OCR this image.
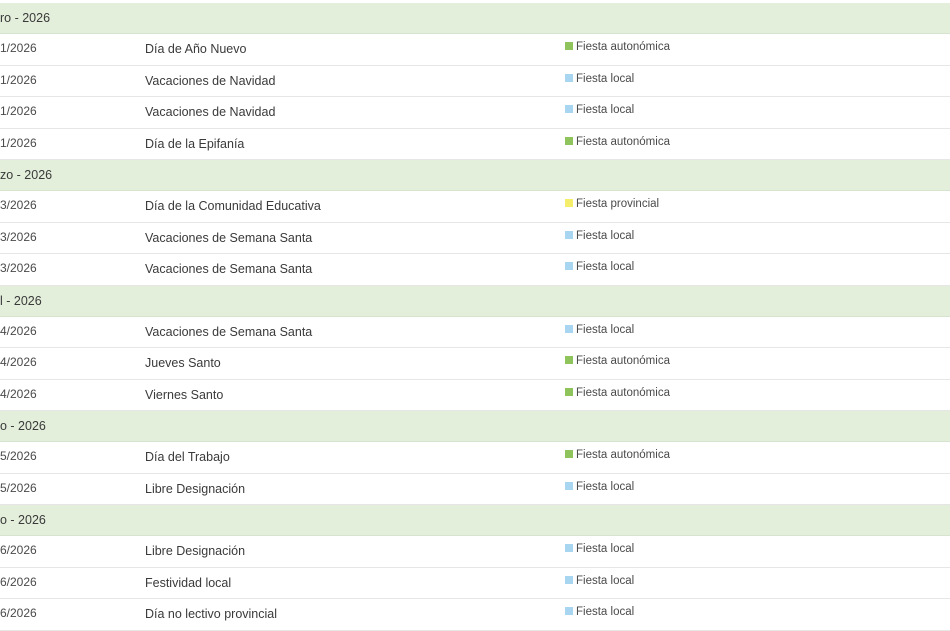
ro - 2026
1/2026	Día de Año Nuevo	Fiesta autonómica
1/2026	Vacaciones de Navidad	Fiesta local
1/2026	Vacaciones de Navidad	Fiesta local
1/2026	Día de la Epifanía	Fiesta autonómica
zo - 2026
3/2026	Día de la Comunidad Educativa	Fiesta provincial
3/2026	Vacaciones de Semana Santa	Fiesta local
3/2026	Vacaciones de Semana Santa	Fiesta local
l - 2026
4/2026	Vacaciones de Semana Santa	Fiesta local
4/2026	Jueves Santo	Fiesta autonómica
4/2026	Viernes Santo	Fiesta autonómica
o - 2026
5/2026	Día del Trabajo	Fiesta autonómica
5/2026	Libre Designación	Fiesta local
o - 2026
6/2026	Libre Designación	Fiesta local
6/2026	Festividad local	Fiesta local
6/2026	Día no lectivo provincial	Fiesta local
